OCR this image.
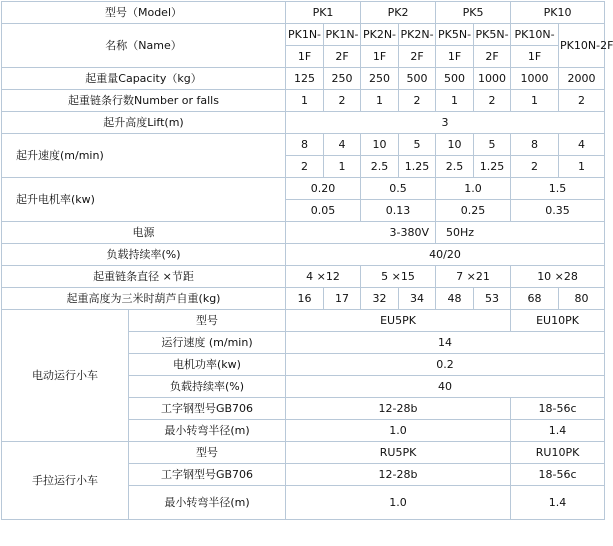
型号（Model）		PK1		PK2		PK5		PK10	
名称（Name）		PK1N-	PK1N-	PK2N-	PK2N-	PK5N-	PK5N-	PK10N-	PK10N-2F
		1F	2F	1F	2F	1F	2F	1F	
起重量Capacity（kg）		125	250	250	500	500	1000	1000	2000
起重链条行数Number or falls		1	2	1	2	1	2	1	2
起升高度Lift(m)		3							
起升速度(m/min)		8	4	10	5	10	5	8	4
		2	1	2.5	1.25	2.5	1.25	2	1
起升电机率(kw)		0.20		0.5		1.0		1.5	
		0.05		0.13		0.25		0.35	
电源		3-380V				50Hz			
负载持续率(%)		40/20							
起重链条直径 ×节距		4 ×12		5 ×15		7 ×21		10 ×28	
起重高度为三米时葫芦自重(kg)		16	17	32	34	48	53	68	80
电动运行小车	型号	EU5PK						EU10PK	
	运行速度 (m/min)	14							
	电机功率(kw)	0.2							
	负载持续率(%)	40							
	工字钢型号GB706	12-28b						18-56c	
	最小转弯半径(m)	1.0						1.4	
手拉运行小车	型号	RU5PK						RU10PK	
	工字钢型号GB706	12-28b						18-56c	
	最小转弯半径(m)	1.0						1.4	
